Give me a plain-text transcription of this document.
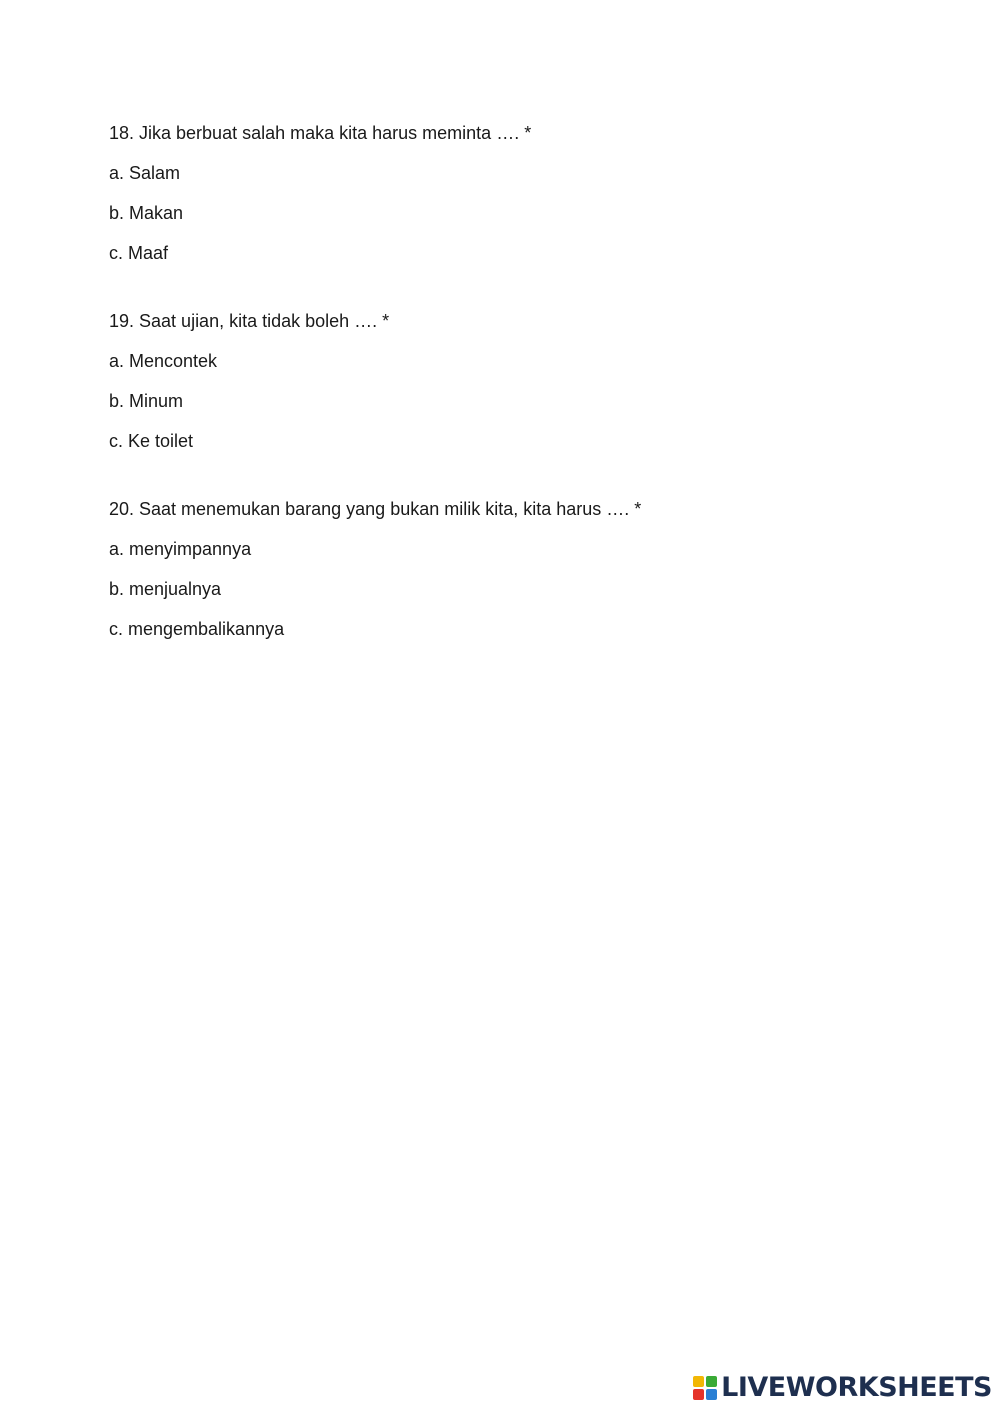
18. Jika berbuat salah maka kita harus meminta …. *
a. Salam
b. Makan
c. Maaf
19. Saat ujian, kita tidak boleh …. *
a. Mencontek
b. Minum
c. Ke toilet
20. Saat menemukan barang yang bukan milik kita, kita harus …. *
a. menyimpannya
b. menjualnya
c. mengembalikannya
LIVEWORKSHEETS
